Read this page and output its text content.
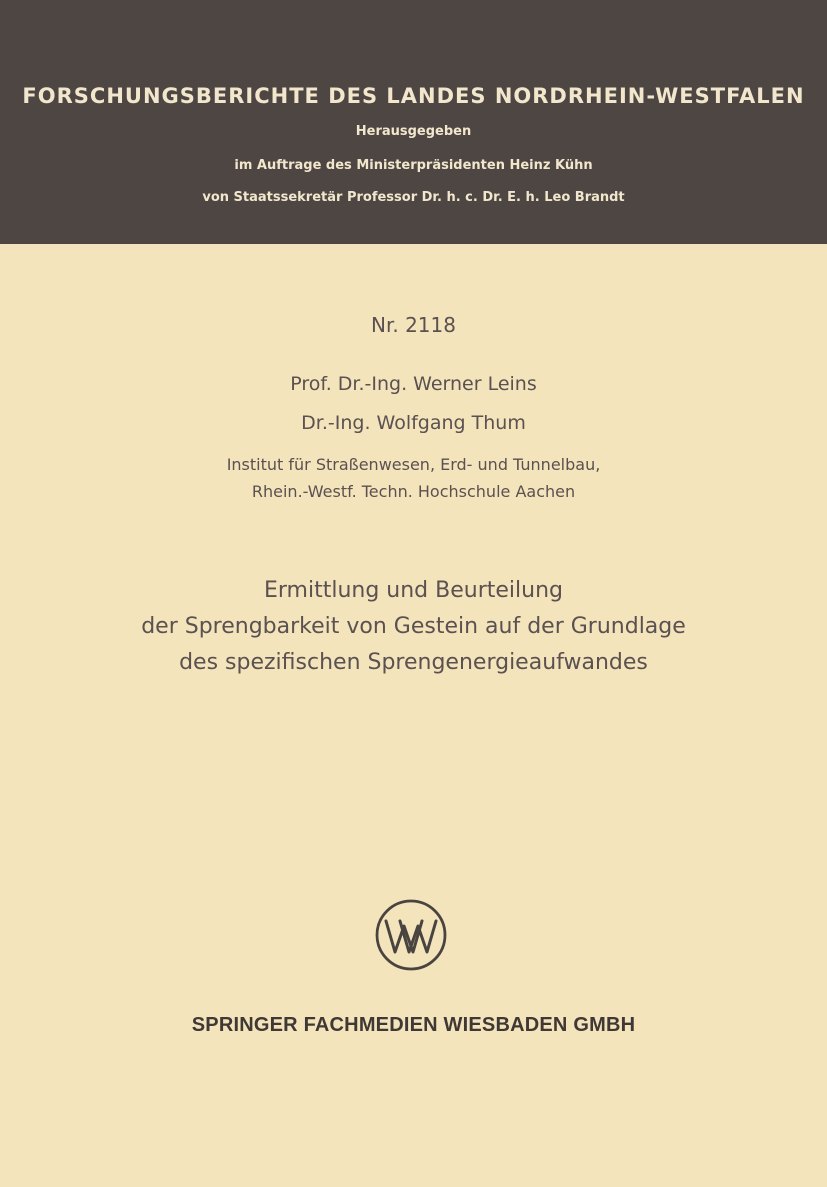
FORSCHUNGSBERICHTE DES LANDES NORDRHEIN-WESTFALEN
Herausgegeben
im Auftrage des Ministerpräsidenten Heinz Kühn
von Staatssekretär Professor Dr. h. c. Dr. E. h. Leo Brandt
Nr. 2118
Prof. Dr.-Ing. Werner Leins
Dr.-Ing. Wolfgang Thum
Institut für Straßenwesen, Erd- und Tunnelbau,
Rhein.-Westf. Techn. Hochschule Aachen
Ermittlung und Beurteilung
der Sprengbarkeit von Gestein auf der Grundlage
des spezifischen Sprengenergieaufwandes
SPRINGER FACHMEDIEN WIESBADEN GMBH
